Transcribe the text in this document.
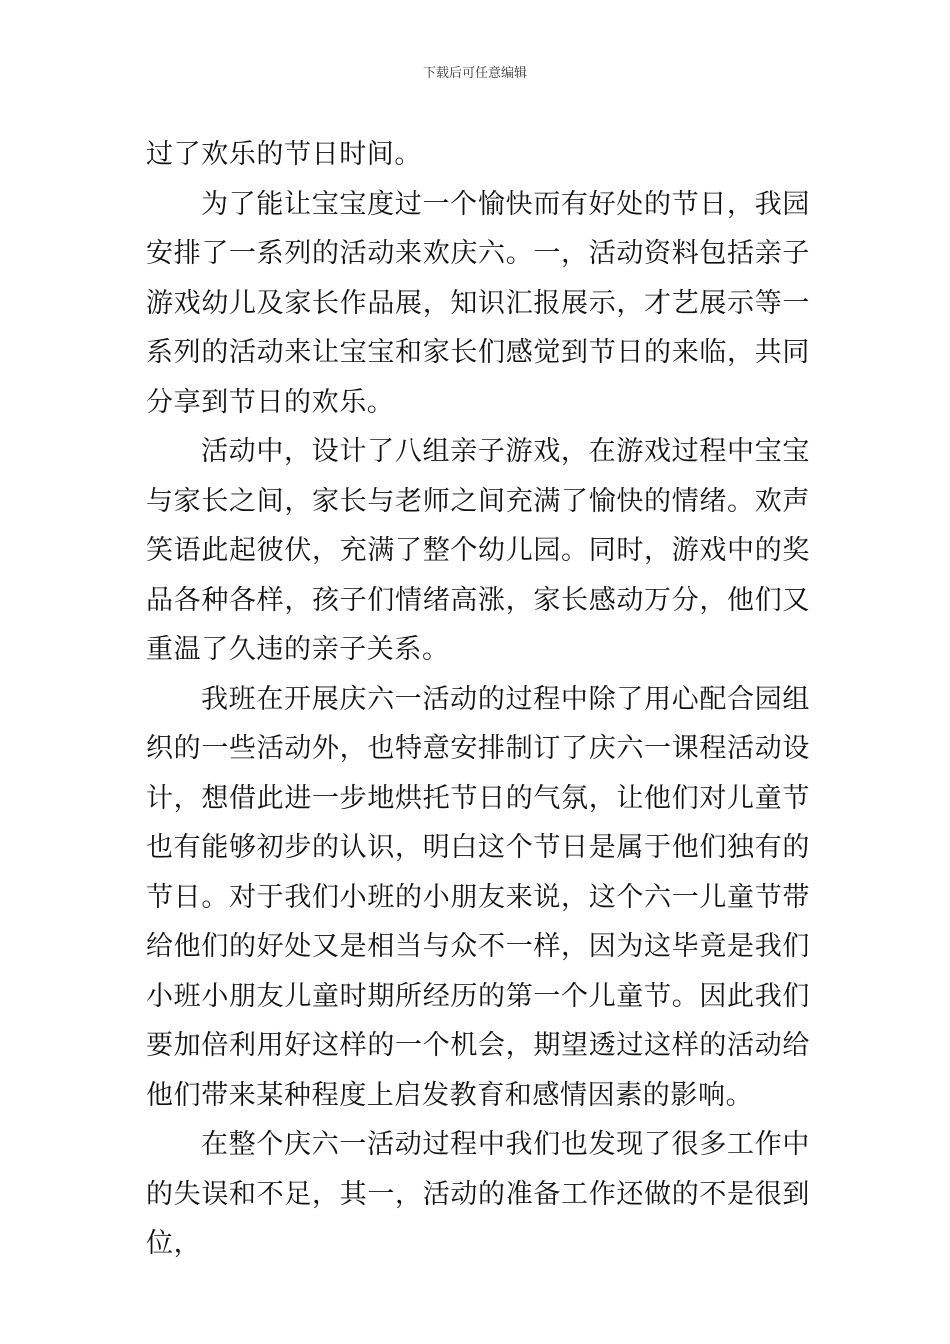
下载后可任意编辑

过了欢乐的节日时间。

为了能让宝宝度过一个愉快而有好处的节日，我园安排了一系列的活动来欢庆六。一，活动资料包括亲子游戏幼儿及家长作品展，知识汇报展示，才艺展示等一系列的活动来让宝宝和家长们感觉到节日的来临，共同分享到节日的欢乐。

活动中，设计了八组亲子游戏，在游戏过程中宝宝与家长之间，家长与老师之间充满了愉快的情绪。欢声笑语此起彼伏，充满了整个幼儿园。同时，游戏中的奖品各种各样，孩子们情绪高涨，家长感动万分，他们又重温了久违的亲子关系。

我班在开展庆六一活动的过程中除了用心配合园组织的一些活动外，也特意安排制订了庆六一课程活动设计，想借此进一步地烘托节日的气氛，让他们对儿童节也有能够初步的认识，明白这个节日是属于他们独有的节日。对于我们小班的小朋友来说，这个六一儿童节带给他们的好处又是相当与众不一样，因为这毕竟是我们小班小朋友儿童时期所经历的第一个儿童节。因此我们要加倍利用好这样的一个机会，期望透过这样的活动给他们带来某种程度上启发教育和感情因素的影响。

在整个庆六一活动过程中我们也发现了很多工作中的失误和不足，其一，活动的准备工作还做的不是很到位，
